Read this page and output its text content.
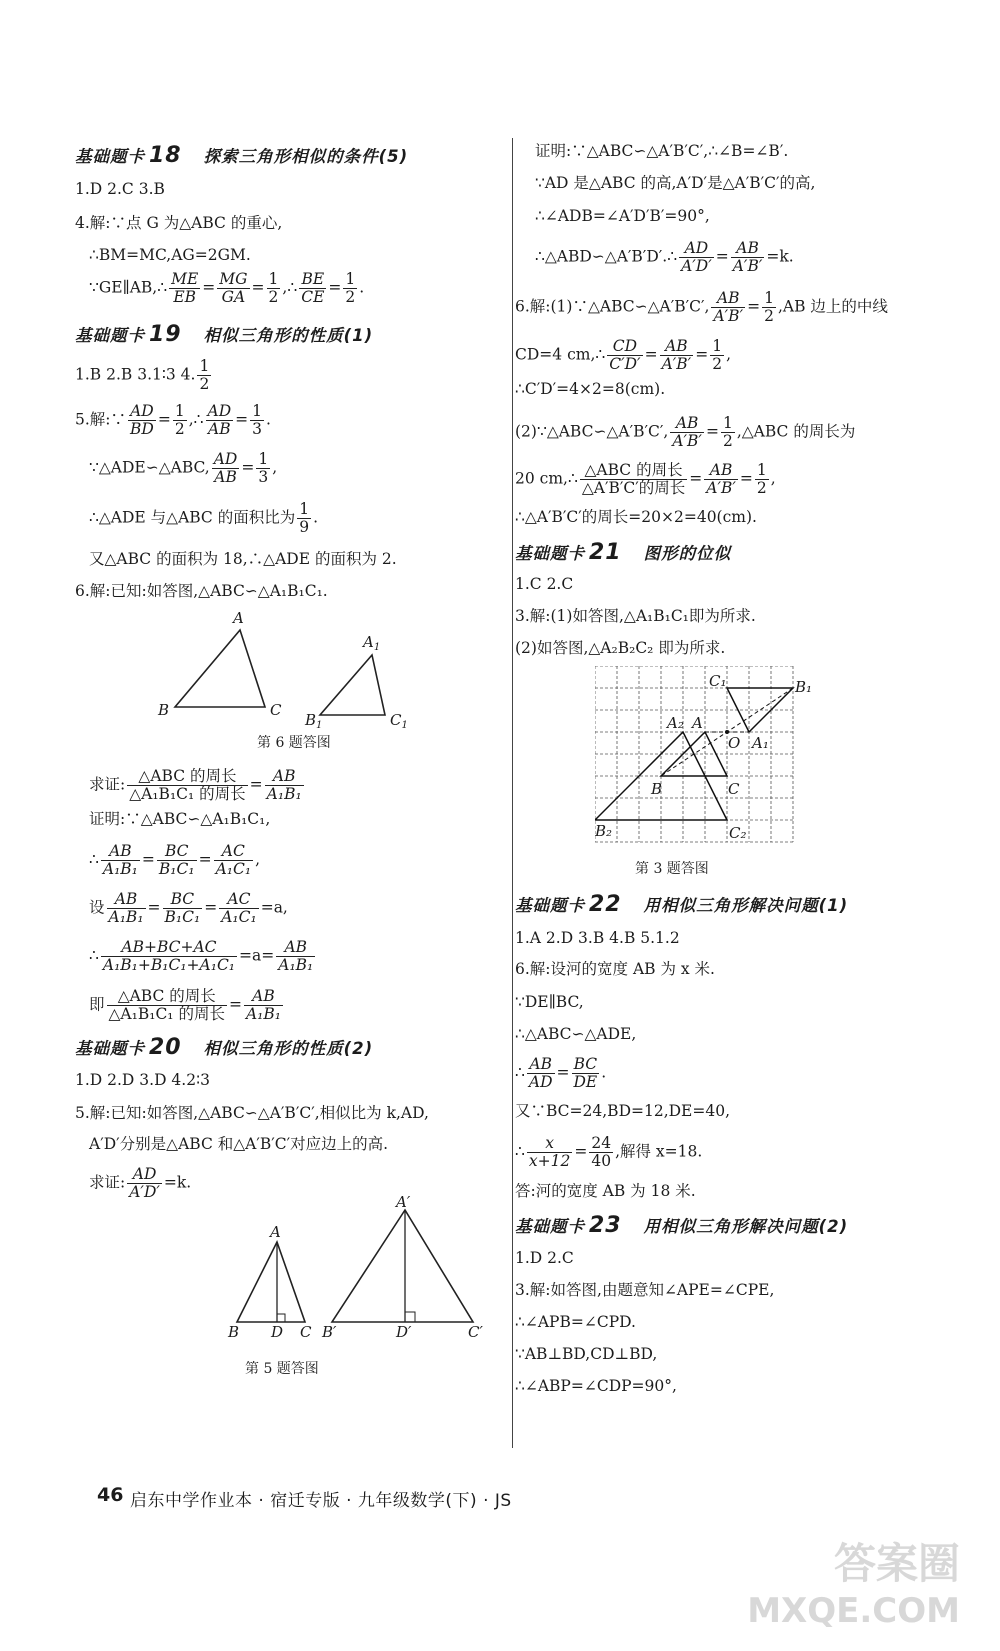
基础题卡 18 探索三角形相似的条件(5)
1.D 2.C 3.B
4.解:∵点 G 为△ABC 的重心,
∴BM=MC,AG=2GM.
∵GE∥AB,∴ $\frac{ME}{EB} = \frac{MG}{GA} = \frac{1}{2}$ ,∴ $\frac{BE}{CE} = \frac{1}{2}$ .
基础题卡 19 相似三角形的性质(1)
1.B 2.B 3.1∶3 4. $\frac{1}{2}$
5.解:∵ $\frac{AD}{BD} = \frac{1}{2}$ ,∴ $\frac{AD}{AB} = \frac{1}{3}$ .
∵△ADE∽△ABC, $\frac{AD}{AB} = \frac{1}{3}$ ,
∴△ADE 与△ABC 的面积比为 $\frac{1}{9}$ .
又△ABC 的面积为 18,∴△ADE 的面积为 2.
6.解:已知:如答图,△ABC∽△A₁B₁C₁.
A
B	C
$A_1$
$B_1$	$C_1$
第 6 题答图
求证: $\frac{\text{△ABC 的周长}}{\text{△A₁B₁C₁ 的周长}} = \frac{AB}{\text{A₁B₁}}$
证明:∵△ABC∽△A₁B₁C₁,
∴ $\frac{AB}{\text{A₁B₁}} = \frac{BC}{\text{B₁C₁}} = \frac{AC}{\text{A₁C₁}}$ ,
设 $\frac{AB}{\text{A₁B₁}} = \frac{BC}{\text{B₁C₁}} = \frac{AC}{\text{A₁C₁}} =a$,
∴ $\frac{AB+BC+AC}{\text{A₁B₁+B₁C₁+A₁C₁}} =a= \frac{AB}{\text{A₁B₁}}$
即 $\frac{\text{△ABC 的周长}}{\text{△A₁B₁C₁ 的周长}} = \frac{AB}{\text{A₁B₁}}$
基础题卡 20 相似三角形的性质(2)
1.D 2.D 3.D 4.2∶3
5.解:已知:如答图,△ABC∽△A′B′C′,相似比为 k,AD,
A′D′分别是△ABC 和△A′B′C′对应边上的高.
求证: $\frac{AD}{A'D'} =k$.
A
B D C
A′
B′	D′	C′
第 5 题答图
证明:∵△ABC∽△A′B′C′,∴∠B=∠B′.
∵AD 是△ABC 的高,A′D′是△A′B′C′的高,
∴∠ADB=∠A′D′B′=90°,
∴△ABD∽△A′B′D′.∴ $\frac{AD}{A'D'} = \frac{AB}{A'B'} =k$.
6.解:(1)∵△ABC∽△A′B′C′, $\frac{AB}{A'B'} = \frac{1}{2} ,AB$ 边上的中线
CD=4 cm,∴ $\frac{CD}{C'D'} = \frac{AB}{A'B'} = \frac{1}{2}$ ,
∴C′D′=4×2=8(cm).
(2)∵△ABC∽△A′B′C′, $\frac{AB}{A'B'} = \frac{1}{2}$ ,△ABC 的周长为
20 cm,∴ $\frac{\text{△ABC 的周长}}{\text{△A′B′C′的周长}} = \frac{AB}{A'B'} = \frac{1}{2}$ ,
∴△A′B′C′的周长=20×2=40(cm).
基础题卡 21 图形的位似
1.C 2.C
3.解:(1)如答图,△A₁B₁C₁即为所求.
(2)如答图,△A₂B₂C₂ 即为所求.
C₁	B₁
A₂ A
O A₁
B	C
B₂	C₂
第 3 题答图
基础题卡 22 用相似三角形解决问题(1)
1.A 2.D 3.B 4.B 5.1.2
6.解:设河的宽度 AB 为 x 米.
∵DE∥BC,
∴△ABC∽△ADE,
∴ $\frac{AB}{AD} = \frac{BC}{DE}$ .
又∵BC=24,BD=12,DE=40,
∴ $\frac{x}{x+12} = \frac{24}{40}$ ,解得 x=18.
答:河的宽度 AB 为 18 米.
基础题卡 23 用相似三角形解决问题(2)
1.D 2.C
3.解:如答图,由题意知∠APE=∠CPE,
∴∠APB=∠CPD.
∵AB⊥BD,CD⊥BD,
∴∠ABP=∠CDP=90°,
46 启东中学作业本 · 宿迁专版 · 九年级数学(下) · JS
答案圈
MXQE.COM
